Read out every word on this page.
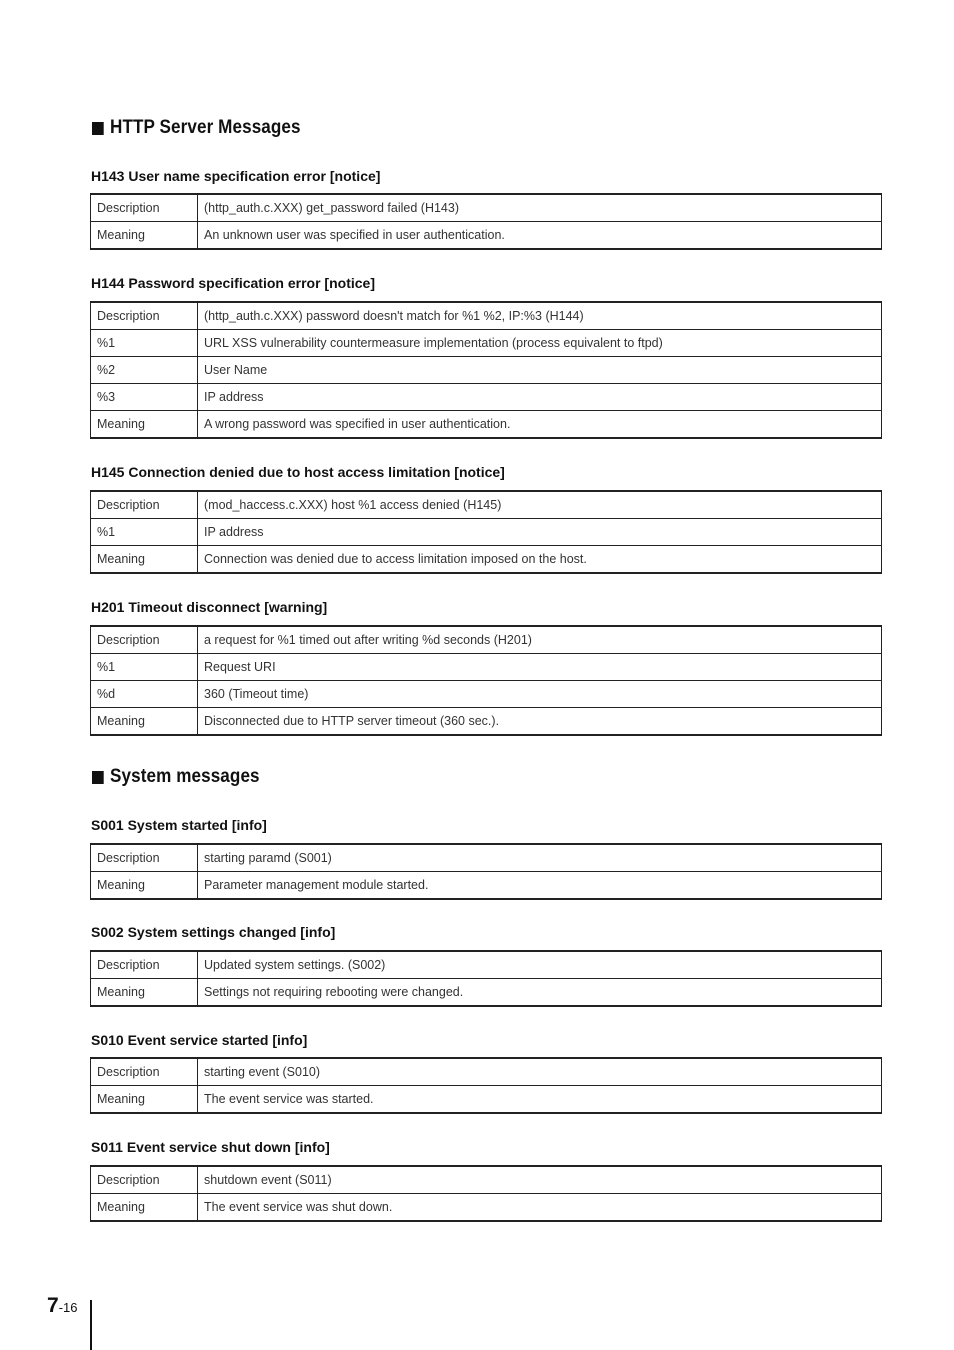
HTTP Server Messages
H143 User name specification error [notice]
Description	(http_auth.c.XXX) get_password failed (H143)
Meaning	An unknown user was specified in user authentication.
H144 Password specification error [notice]
Description	(http_auth.c.XXX) password doesn't match for %1 %2, IP:%3 (H144)
%1	URL XSS vulnerability countermeasure implementation (process equivalent to ftpd)
%2	User Name
%3	IP address
Meaning	A wrong password was specified in user authentication.
H145 Connection denied due to host access limitation [notice]
Description	(mod_haccess.c.XXX) host %1 access denied (H145)
%1	IP address
Meaning	Connection was denied due to access limitation imposed on the host.
H201 Timeout disconnect [warning]
Description	a request for %1 timed out after writing %d seconds (H201)
%1	Request URI
%d	360 (Timeout time)
Meaning	Disconnected due to HTTP server timeout (360 sec.).
System messages
S001 System started [info]
Description	starting paramd (S001)
Meaning	Parameter management module started.
S002 System settings changed [info]
Description	Updated system settings. (S002)
Meaning	Settings not requiring rebooting were changed.
S010 Event service started [info]
Description	starting event (S010)
Meaning	The event service was started.
S011 Event service shut down [info]
Description	shutdown event (S011)
Meaning	The event service was shut down.
7-16
